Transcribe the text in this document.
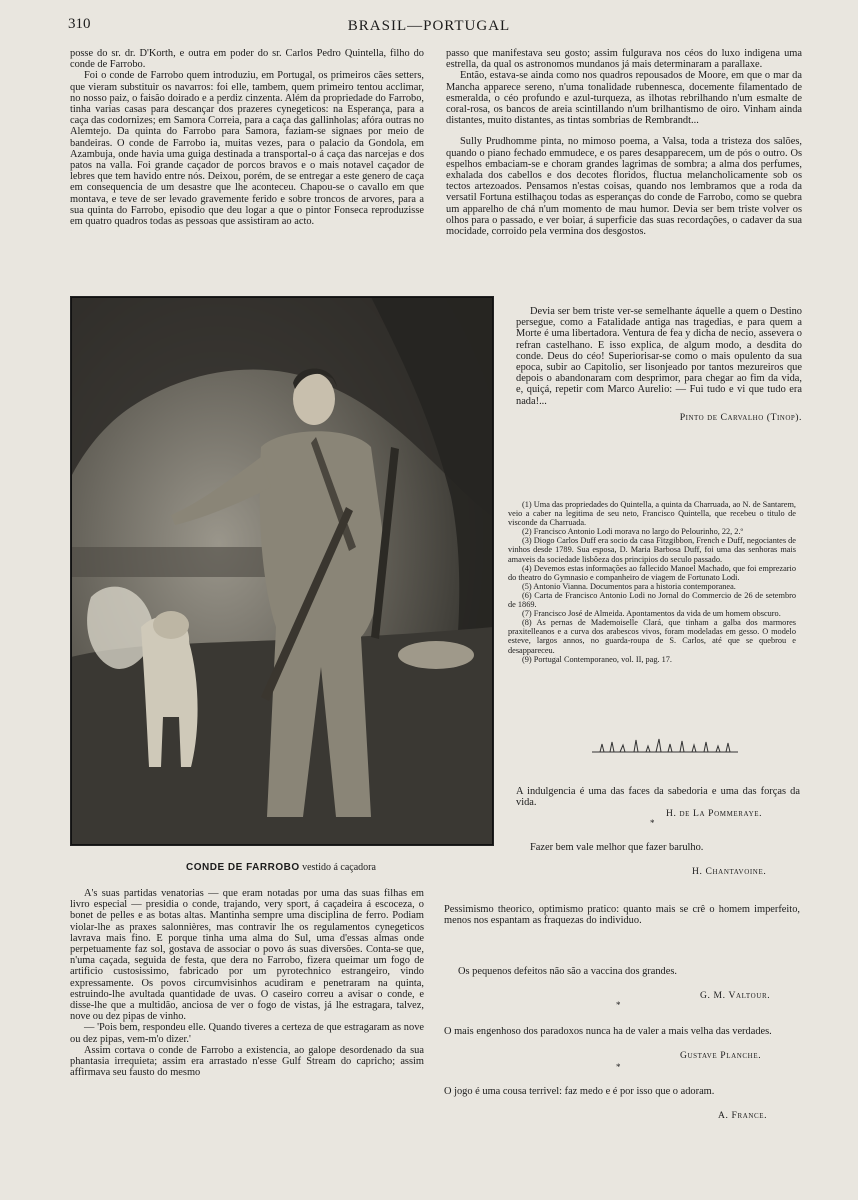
310	BRASIL—PORTUGAL

posse do sr. dr. D'Korth, e outra em poder do sr. Carlos Pedro Quintella, filho do conde de Farrobo.

Foi o conde de Farrobo quem introduziu, em Portugal, os primeiros cães setters, que vieram substituir os navarros: foi elle, tambem, quem primeiro tentou acclimar, no nosso paiz, o faisão doirado e a perdiz cinzenta. Além da propriedade do Farrobo, tinha varias casas para descançar dos prazeres cynegeticos: na Esperança, para a caça das codornizes; em Samora Correia, para a caça das gallinholas; afóra outras no Alemtejo. Da quinta do Farrobo para Samora, faziam-se signaes por meio de bandeiras. O conde de Farrobo ia, muitas vezes, para o palacio da Gondola, em Azambuja, onde havia uma guiga destinada a transportal-o á caça das narcejas e dos patos na valla. Foi grande caçador de porcos bravos e o mais notavel caçador de lebres que tem havido entre nós. Deixou, porém, de se entregar a este genero de caça em consequencia de um desastre que lhe aconteceu. Chapou-se o cavallo em que montava, e teve de ser levado gravemente ferido e sobre troncos de arvores, para a sua quinta do Farrobo, episodio que deu logar a que o pintor Fonseca reproduzisse em quatro quadros todas as pessoas que assistiram ao acto.

CONDE DE FARROBO vestido á caçadora

A's suas partidas venatorias — que eram notadas por uma das suas filhas em livro especial — presidia o conde, trajando, very sport, á caçadeira á escoceza, o bonet de pelles e as botas altas. Mantinha sempre uma disciplina de ferro. Podiam violar-lhe as praxes salonnières, mas contravir lhe os regulamentos cynegeticos lavrava mais fino. E porque tinha uma alma do Sul, uma d'essas almas onde perpetuamente faz sol, gostava de associar o povo ás suas diversões. Conta-se que, n'uma caçada, seguida de festa, que dera no Farrobo, fizera queimar um fogo de artificio custosissimo, fabricado por um pyrotechnico estrangeiro, vindo expressamente. Os povos circumvisinhos acudiram e penetraram na quinta, estruindo-lhe avultada quantidade de uvas. O caseiro correu a avisar o conde, e disse-lhe que a multidão, anciosa de ver o fogo de vistas, já lhe estragara, talvez, nove ou dez pipas de vinho.

— 'Pois bem, respondeu elle. Quando tiveres a certeza de que estragaram as nove ou dez pipas, vem-m'o dizer.'

Assim cortava o conde de Farrobo a existencia, ao galope desordenado da sua phantasia irrequieta; assim era arrastado n'esse Gulf Stream do capricho; assim affirmava seu fausto do mesmo

passo que manifestava seu gosto; assim fulgurava nos céos do luxo indigena uma estrella, da qual os astronomos mundanos já mais determinaram a parallaxe.

Então, estava-se ainda como nos quadros repousados de Moore, em que o mar da Mancha apparece sereno, n'uma tonalidade rubennesca, docemente filamentado de esmeralda, o céo profundo e azul-turqueza, as ilhotas rebrilhando n'um esmalte de coral-rosa, os bancos de areia scintillando n'um brilhantismo de oiro. Vinham ainda distantes, muito distantes, as tintas sombrias de Rembrandt...

Sully Prudhomme pinta, no mimoso poema, a Valsa, toda a tristeza dos salões, quando o piano fechado emmudece, e os pares desapparecem, um de pós o outro. Os espelhos embaciam-se e choram grandes lagrimas de sombra; a alma dos perfumes, exhalada dos cabellos e dos decotes floridos, fluctua melancholicamente sob os tectos artezoados. Pensamos n'estas coisas, quando nos lembramos que a roda da versatil Fortuna estilhaçou todas as esperanças do conde de Farrobo, como se quebra um apparelho de chá n'um momento de mau humor. Devia ser bem triste volver os olhos para o passado, e ver boiar, á superficie das suas recordações, o cadaver da sua mocidade, corroido pela vermina dos desgostos.

Devia ser bem triste ver-se semelhante áquelle a quem o Destino persegue, como a Fatalidade antiga nas tragedias, e para quem a Morte é uma libertadora. Ventura de fea y dicha de necio, assevera o refran castelhano. E isso explica, de algum modo, a desdita do conde. Deus do céo! Superiorisar-se como o mais opulento da sua epoca, subir ao Capitolio, ser lisonjeado por tantos mezureiros que depois o abandonaram com desprimor, para chegar ao fim da vida, e, quiçá, repetir com Marco Aurelio: — Fui tudo e vi que tudo era nada!...

Pinto de Carvalho (Tinop).

(1) Uma das propriedades do Quintella, a quinta da Charruada, ao N. de Santarem, veio a caber na legitima de seu neto, Francisco Quintella, que recebeu o titulo de visconde da Charruada.

(2) Francisco Antonio Lodi morava no largo do Pelourinho, 22, 2.º

(3) Diogo Carlos Duff era socio da casa Fitzgibbon, French e Duff, negociantes de vinhos desde 1789. Sua esposa, D. Maria Barbosa Duff, foi uma das senhoras mais amaveis da sociedade lisbôeza dos principios do seculo passado.

(4) Devemos estas informações ao fallecido Manoel Machado, que foi emprezario do theatro do Gymnasio e companheiro de viagem de Fortunato Lodi.

(5) Antonio Vianna. Documentos para a historia contemporanea.

(6) Carta de Francisco Antonio Lodi no Jornal do Commercio de 26 de setembro de 1869.

(7) Francisco José de Almeida. Apontamentos da vida de um homem obscuro.

(8) As pernas de Mademoiselle Clará, que tinham a galba dos marmores praxitelleanos e a curva dos arabescos vivos, foram modeladas em gesso. O modelo esteve, largos annos, no guarda-roupa de S. Carlos, até que se quebrou e desappareceu.

(9) Portugal Contemporaneo, vol. II, pag. 17.

A indulgencia é uma das faces da sabedoria e uma das forças da vida.
H. de La Pommeraye.
*
Fazer bem vale melhor que fazer barulho.
H. Chantavoine.
Pessimismo theorico, optimismo pratico: quanto mais se crê o homem imperfeito, menos nos espantam as fraquezas do individuo.
Os pequenos defeitos não são a vaccina dos grandes.
G. M. Valtour.
*
O mais engenhoso dos paradoxos nunca ha de valer a mais velha das verdades.
Gustave Planche.
*
O jogo é uma cousa terrivel: faz medo e é por isso que o adoram.
A. France.
